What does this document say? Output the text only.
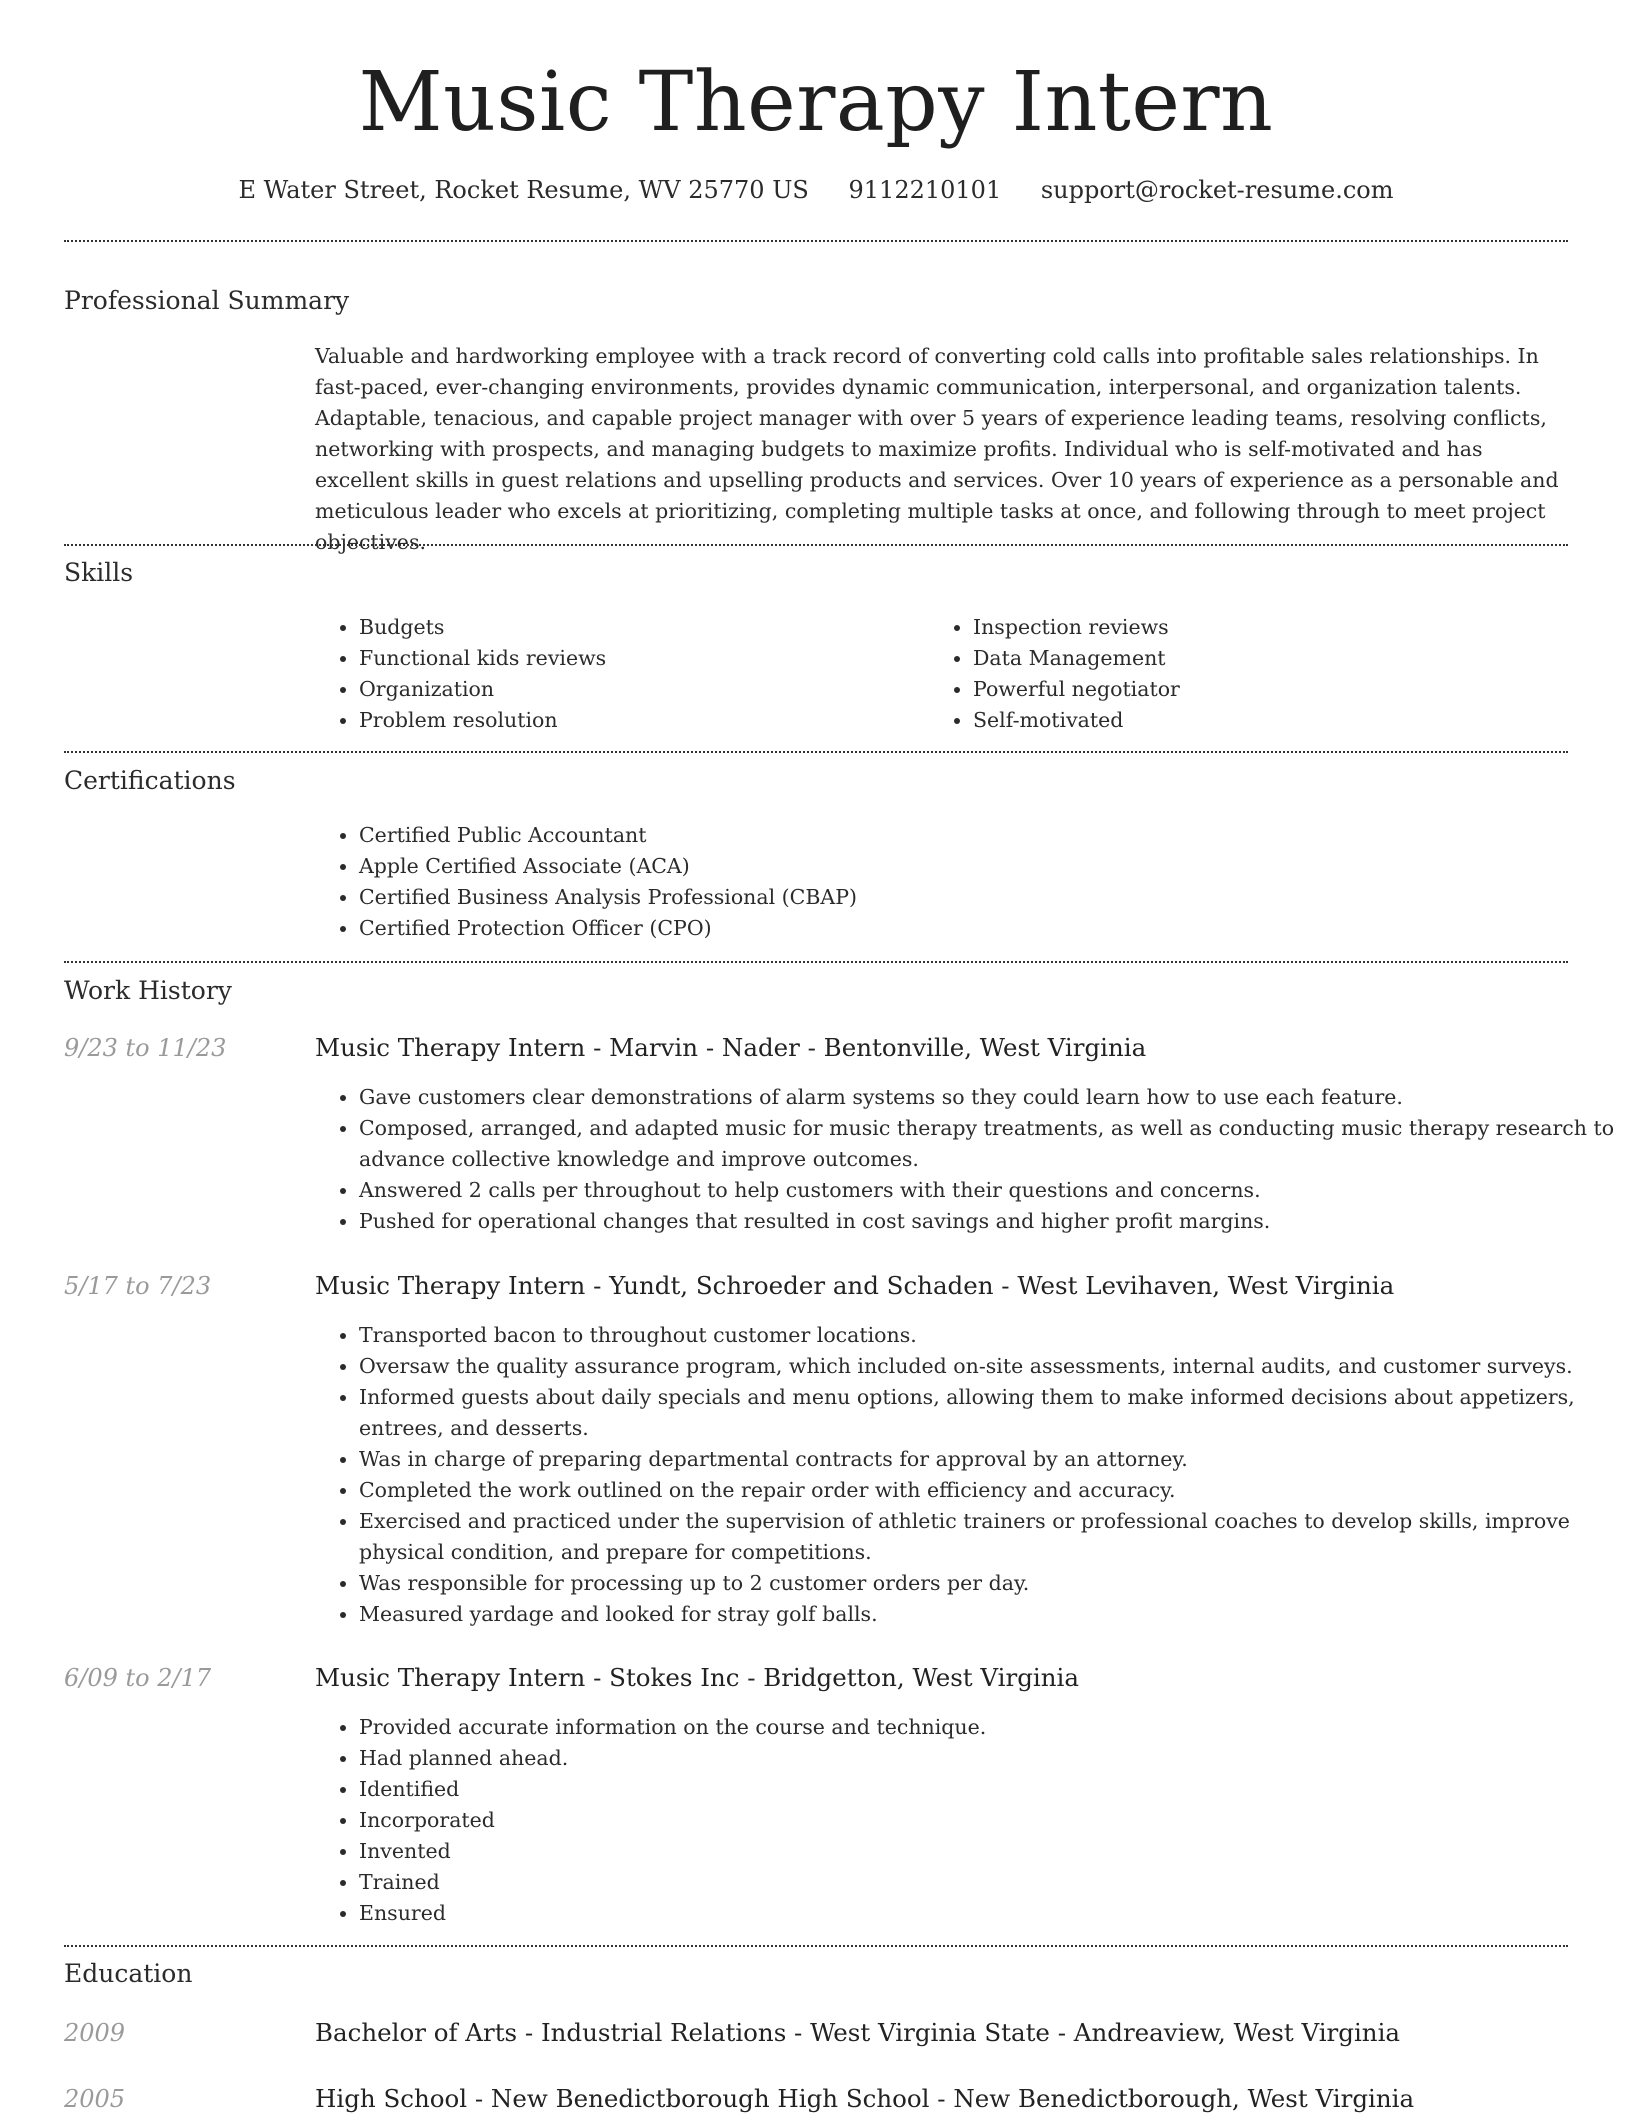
Music Therapy Intern
E Water Street, Rocket Resume, WV 25770 US 9112210101 support@rocket-resume.com
Professional Summary
Valuable and hardworking employee with a track record of converting cold calls into profitable sales relationships. In fast-paced, ever-changing environments, provides dynamic communication, interpersonal, and organization talents. Adaptable, tenacious, and capable project manager with over 5 years of experience leading teams, resolving conflicts, networking with prospects, and managing budgets to maximize profits. Individual who is self-motivated and has excellent skills in guest relations and upselling products and services. Over 10 years of experience as a personable and meticulous leader who excels at prioritizing, completing multiple tasks at once, and following through to meet project objectives.
Skills
• Budgets
• Functional kids reviews
• Organization
• Problem resolution
• Inspection reviews
• Data Management
• Powerful negotiator
• Self-motivated
Certifications
• Certified Public Accountant
• Apple Certified Associate (ACA)
• Certified Business Analysis Professional (CBAP)
• Certified Protection Officer (CPO)
Work History
9/23 to 11/23	Music Therapy Intern - Marvin - Nader - Bentonville, West Virginia
• Gave customers clear demonstrations of alarm systems so they could learn how to use each feature.
• Composed, arranged, and adapted music for music therapy treatments, as well as conducting music therapy research to advance collective knowledge and improve outcomes.
• Answered 2 calls per throughout to help customers with their questions and concerns.
• Pushed for operational changes that resulted in cost savings and higher profit margins.
5/17 to 7/23	Music Therapy Intern - Yundt, Schroeder and Schaden - West Levihaven, West Virginia
• Transported bacon to throughout customer locations.
• Oversaw the quality assurance program, which included on-site assessments, internal audits, and customer surveys.
• Informed guests about daily specials and menu options, allowing them to make informed decisions about appetizers, entrees, and desserts.
• Was in charge of preparing departmental contracts for approval by an attorney.
• Completed the work outlined on the repair order with efficiency and accuracy.
• Exercised and practiced under the supervision of athletic trainers or professional coaches to develop skills, improve physical condition, and prepare for competitions.
• Was responsible for processing up to 2 customer orders per day.
• Measured yardage and looked for stray golf balls.
6/09 to 2/17	Music Therapy Intern - Stokes Inc - Bridgetton, West Virginia
• Provided accurate information on the course and technique.
• Had planned ahead.
• Identified
• Incorporated
• Invented
• Trained
• Ensured
Education
2009	Bachelor of Arts - Industrial Relations - West Virginia State - Andreaview, West Virginia
2005	High School - New Benedictborough High School - New Benedictborough, West Virginia
